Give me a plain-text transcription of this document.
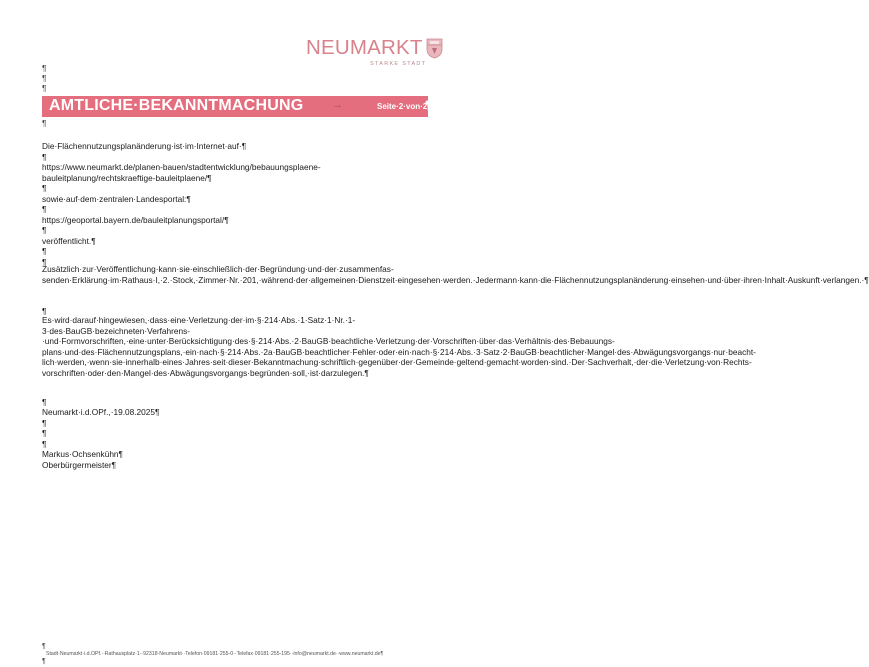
NEUMARKT
STARKE STADT
¶
¶
¶
AMTLICHE·BEKANNTMACHUNG	→	Seite·2·von·2
¶
¶
Die·Flächennutzungsplanänderung·ist·im·Internet·auf·¶
¶
https://www.neumarkt.de/planen-bauen/stadtentwicklung/bebauungsplaene-
bauleitplanung/rechtskraeftige-bauleitplaene/¶
¶
sowie·auf·dem·zentralen·Landesportal:¶
¶
https://geoportal.bayern.de/bauleitplanungsportal/¶
¶
veröffentlicht.¶
¶
¶
Zusätzlich·zur·Veröffentlichung·kann·sie·einschließlich·der·Begründung·und·der·zusammenfas-senden·Erklärung·im·Rathaus·I,·2.·Stock,·Zimmer·Nr.·201,·während·der·allgemeinen·Dienstzeit·eingesehen·werden.·Jedermann·kann·die·Flächennutzungsplanänderung·einsehen·und·über·ihren·Inhalt·Auskunft·verlangen.·¶
¶
Es·wird·darauf·hingewiesen,·dass·eine·Verletzung·der·im·§·214·Abs.·1·Satz·1·Nr.·1-3·des·BauGB·bezeichneten·Verfahrens-·und·Formvorschriften,·eine·unter·Berücksichtigung·des·§·214·Abs.·2·BauGB·beachtliche·Verletzung·der·Vorschriften·über·das·Verhältnis·des·Bebauungs-plans·und·des·Flächennutzungsplans,·ein·nach·§·214·Abs.·2a·BauGB·beachtlicher·Fehler·oder·ein·nach·§·214·Abs.·3·Satz·2·BauGB·beachtlicher·Mangel·des·Abwägungsvorgangs·nur·beacht-lich·werden,·wenn·sie·innerhalb·eines·Jahres·seit·dieser·Bekanntmachung·schriftlich·gegenüber·der·Gemeinde·geltend·gemacht·worden·sind.·Der·Sachverhalt,·der·die·Verletzung·von·Rechts-vorschriften·oder·den·Mangel·des·Abwägungsvorgangs·begründen·soll,·ist·darzulegen.¶
¶
Neumarkt·i.d.OPf.,·19.08.2025¶
¶
¶
¶
Markus·Ochsenkühn¶
Oberbürgermeister¶
¶
Stadt·Neumarkt·i.d.OPf.··Rathausplatz·1··92318·Neumarkt··Telefon·09181·255-0··Telefax·09181·255-195··info@neumarkt.de··www.neumarkt.de¶
¶
